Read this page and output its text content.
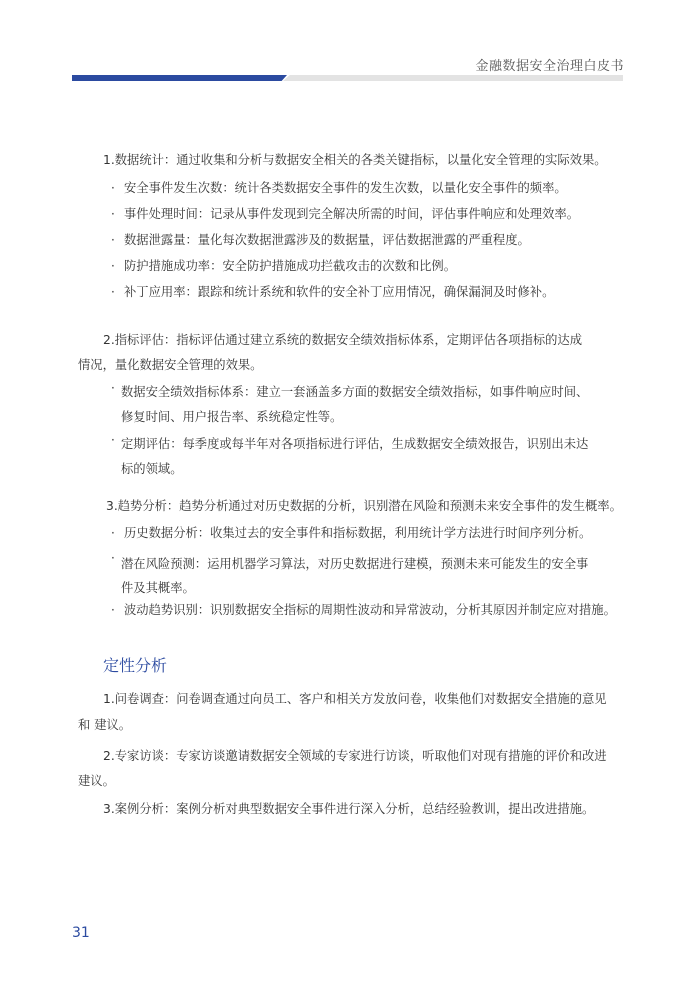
金融数据安全治理白皮书
1.数据统计：通过收集和分析与数据安全相关的各类关键指标，以量化安全管理的实际效果。
· 安全事件发生次数：统计各类数据安全事件的发生次数，以量化安全事件的频率。
· 事件处理时间：记录从事件发现到完全解决所需的时间，评估事件响应和处理效率。
· 数据泄露量：量化每次数据泄露涉及的数据量，评估数据泄露的严重程度。
· 防护措施成功率：安全防护措施成功拦截攻击的次数和比例。
· 补丁应用率：跟踪和统计系统和软件的安全补丁应用情况，确保漏洞及时修补。
2.指标评估：指标评估通过建立系统的数据安全绩效指标体系，定期评估各项指标的达成
情况，量化数据安全管理的效果。
· 数据安全绩效指标体系：建立一套涵盖多方面的数据安全绩效指标，如事件响应时间、
修复时间、用户报告率、系统稳定性等。
· 定期评估：每季度或每半年对各项指标进行评估，生成数据安全绩效报告，识别出未达
标的领域。
3.趋势分析：趋势分析通过对历史数据的分析，识别潜在风险和预测未来安全事件的发生概率。
· 历史数据分析：收集过去的安全事件和指标数据，利用统计学方法进行时间序列分析。
· 潜在风险预测：运用机器学习算法，对历史数据进行建模，预测未来可能发生的安全事
件及其概率。
· 波动趋势识别：识别数据安全指标的周期性波动和异常波动，分析其原因并制定应对措施。
定性分析
1.问卷调查：问卷调查通过向员工、客户和相关方发放问卷，收集他们对数据安全措施的意见
和 建议。
2.专家访谈：专家访谈邀请数据安全领域的专家进行访谈，听取他们对现有措施的评价和改进
建议。
3.案例分析：案例分析对典型数据安全事件进行深入分析，总结经验教训，提出改进措施。
31
